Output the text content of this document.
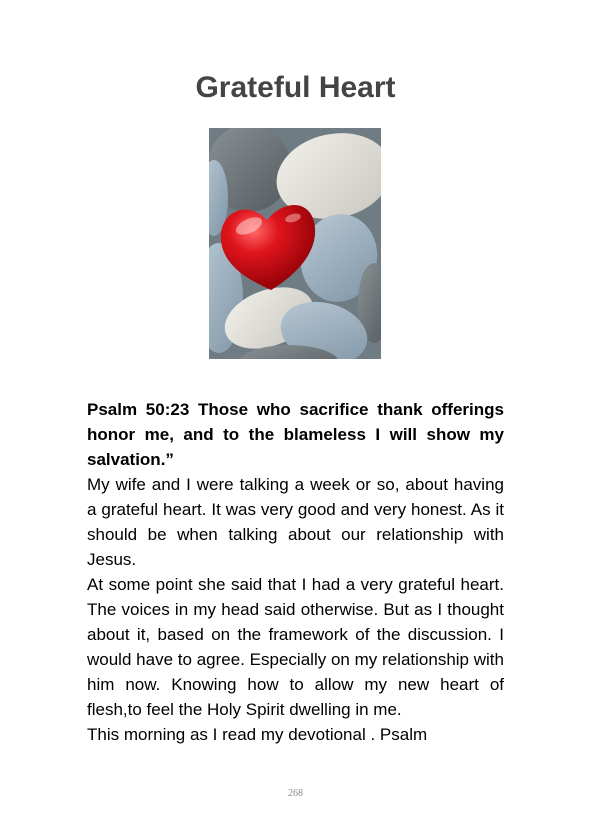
Grateful Heart

Psalm 50:23 Those who sacrifice thank offerings honor me, and to the blameless I will show my salvation.”

My wife and I were talking a week or so, about having a grateful heart. It was very good and very honest. As it should be when talking about our relationship with Jesus.

At some point she said that I had a very grateful heart. The voices in my head said otherwise. But as I thought about it, based on the framework of the discussion. I would have to agree. Especially on my relationship with him now. Knowing how to allow my new heart of flesh,to feel the Holy Spirit dwelling in me.

This morning as I read my devotional . Psalm

268
